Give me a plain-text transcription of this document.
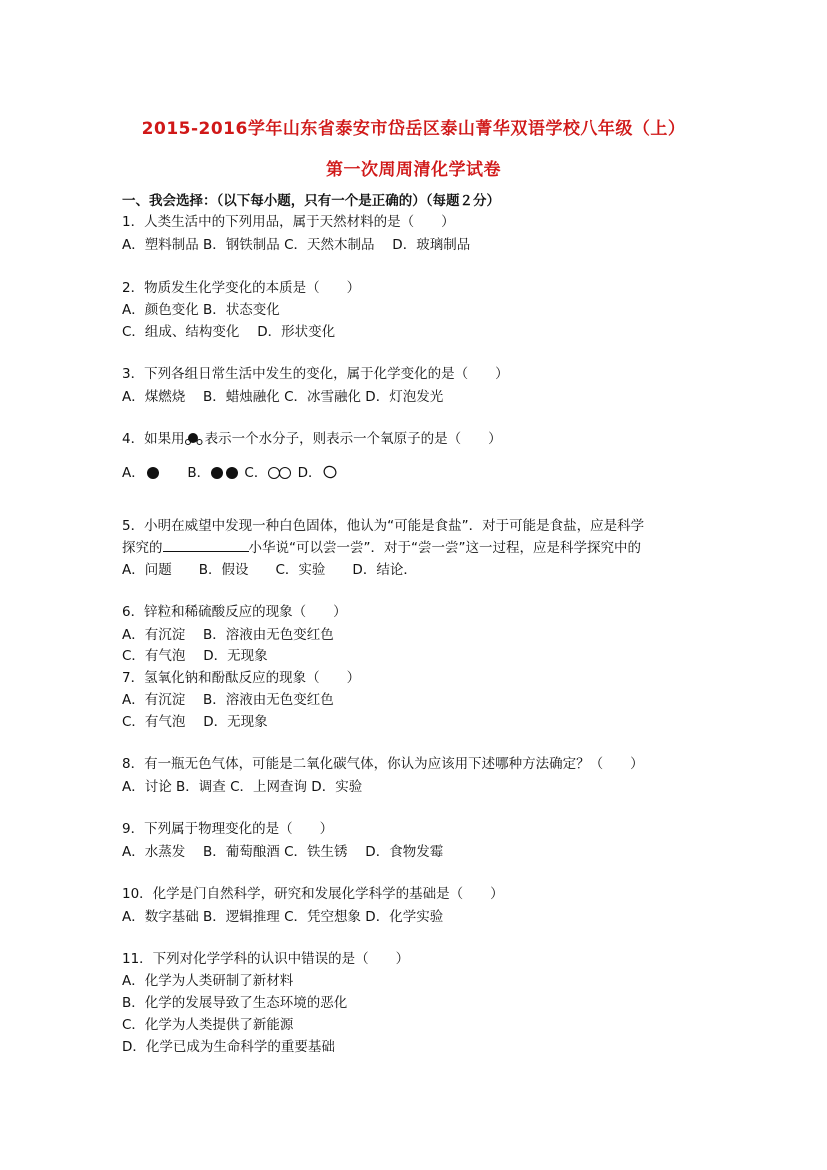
2015-2016学年山东省泰安市岱岳区泰山菁华双语学校八年级（上）
第一次周周清化学试卷
一、我会选择：（以下每小题，只有一个是正确的）（每题２分）
1．人类生活中的下列用品，属于天然材料的是（　　）
A．塑料制品 B．钢铁制品 C．天然木制品　 D．玻璃制品
2．物质发生化学变化的本质是（　　）
A．颜色变化 B．状态变化
C．组成、结构变化　 D．形状变化
3．下列各组日常生活中发生的变化，属于化学变化的是（　　）
A．煤燃烧　 B．蜡烛融化 C．冰雪融化 D．灯泡发光
4．如果用 表示一个水分子，则表示一个氧原子的是（　　）
A．	B．	C． D．
5．小明在威望中发现一种白色固体，他认为“可能是食盐”．对于可能是食盐，应是科学
探究的	小华说“可以尝一尝”．对于“尝一尝”这一过程，应是科学探究中的
A．问题　　B．假设　　C．实验　　D．结论．
6．锌粒和稀硫酸反应的现象（　　）
A．有沉淀　 B．溶液由无色变红色
C．有气泡　 D．无现象
7．氢氧化钠和酚酞反应的现象（　　）
A．有沉淀　 B．溶液由无色变红色
C．有气泡　 D．无现象
8．有一瓶无色气体，可能是二氧化碳气体，你认为应该用下述哪种方法确定？（　　）
A．讨论 B．调查 C．上网查询 D．实验
9．下列属于物理变化的是（　　）
A．水蒸发　 B．葡萄酿酒 C．铁生锈　 D．食物发霉
10．化学是门自然科学，研究和发展化学科学的基础是（　　）
A．数字基础 B．逻辑推理 C．凭空想象 D．化学实验
11．下列对化学学科的认识中错误的是（　　）
A．化学为人类研制了新材料
B．化学的发展导致了生态环境的恶化
C．化学为人类提供了新能源
D．化学已成为生命科学的重要基础
